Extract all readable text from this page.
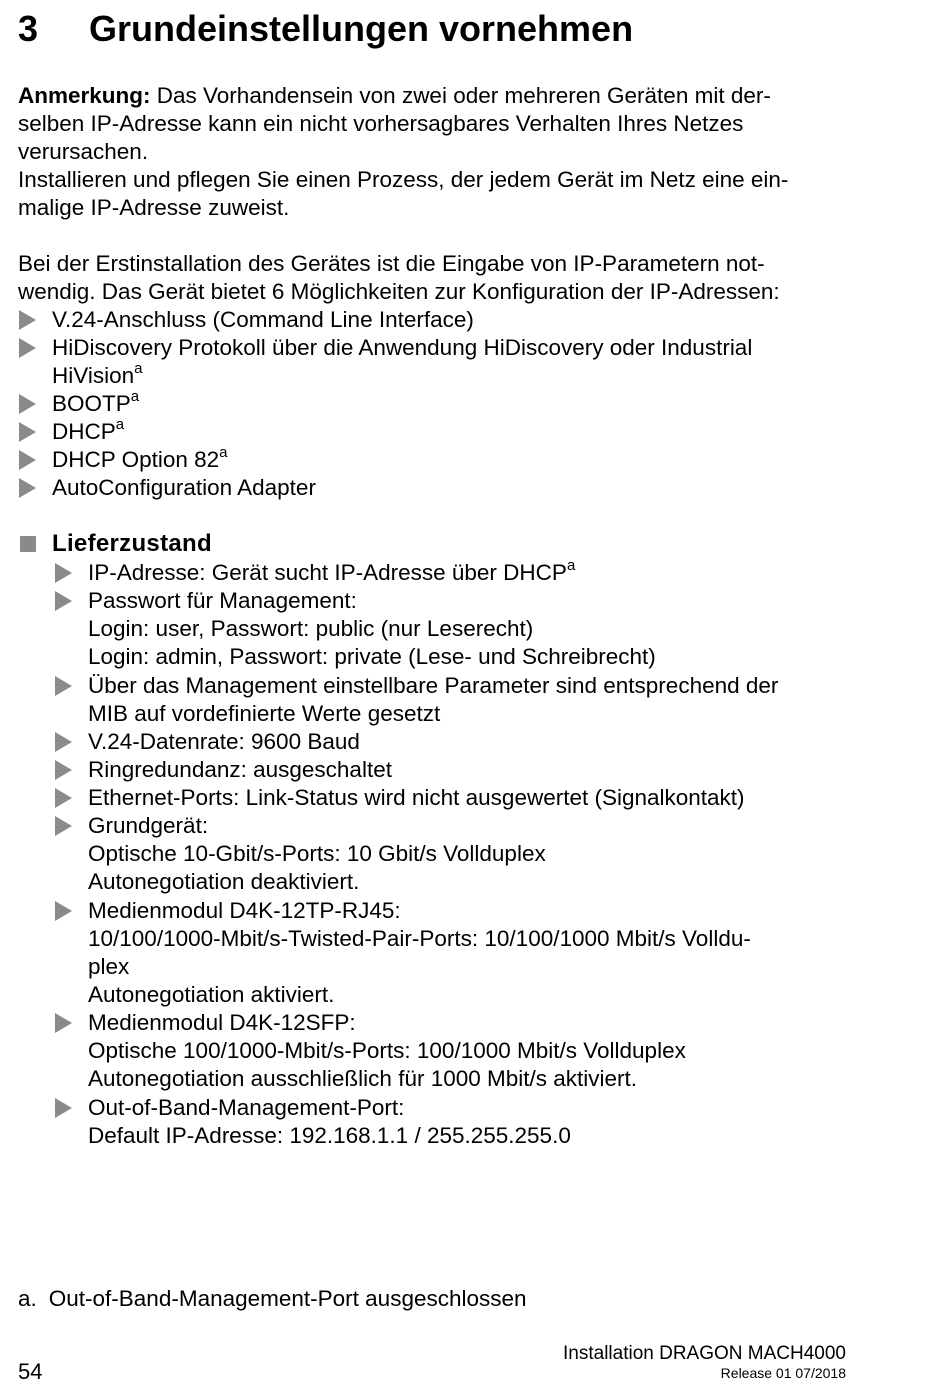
3 Grundeinstellungen vornehmen
Anmerkung: Das Vorhandensein von zwei oder mehreren Geräten mit der-
selben IP-Adresse kann ein nicht vorhersagbares Verhalten Ihres Netzes
verursachen.
Installieren und pflegen Sie einen Prozess, der jedem Gerät im Netz eine ein-
malige IP-Adresse zuweist.
Bei der Erstinstallation des Gerätes ist die Eingabe von IP-Parametern not-
wendig. Das Gerät bietet 6 Möglichkeiten zur Konfiguration der IP-Adressen:
V.24-Anschluss (Command Line Interface)
HiDiscovery Protokoll über die Anwendung HiDiscovery oder Industrial
HiVision$^a$
BOOTP$^a$
DHCP$^a$
DHCP Option 82$^a$
AutoConfiguration Adapter
Lieferzustand
IP-Adresse: Gerät sucht IP-Adresse über DHCP$^a$
Passwort für Management:
Login: user, Passwort: public (nur Leserecht)
Login: admin, Passwort: private (Lese- und Schreibrecht)
Über das Management einstellbare Parameter sind entsprechend der
MIB auf vordefinierte Werte gesetzt
V.24-Datenrate: 9600 Baud
Ringredundanz: ausgeschaltet
Ethernet-Ports: Link-Status wird nicht ausgewertet (Signalkontakt)
Grundgerät:
Optische 10-Gbit/s-Ports: 10 Gbit/s Vollduplex
Autonegotiation deaktiviert.
Medienmodul D4K-12TP-RJ45:
10/100/1000-Mbit/s-Twisted-Pair-Ports: 10/100/1000 Mbit/s Volldu-
plex
Autonegotiation aktiviert.
Medienmodul D4K-12SFP:
Optische 100/1000-Mbit/s-Ports: 100/1000 Mbit/s Vollduplex
Autonegotiation ausschließlich für 1000 Mbit/s aktiviert.
Out-of-Band-Management-Port:
Default IP-Adresse: 192.168.1.1 / 255.255.255.0
a. Out-of-Band-Management-Port ausgeschlossen
54
Installation DRAGON MACH4000
Release 01 07/2018
